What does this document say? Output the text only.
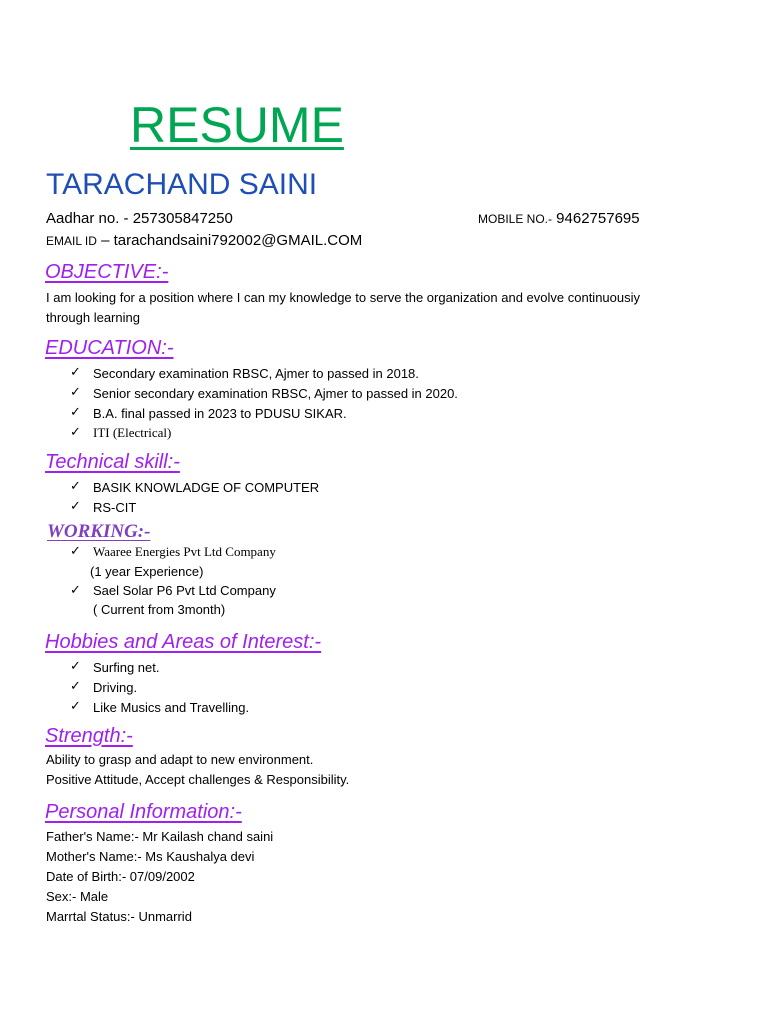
RESUME
TARACHAND SAINI
Aadhar no. - 257305847250	MOBILE NO.- 9462757695
EMAIL ID – tarachandsaini792002@GMAIL.COM
OBJECTIVE:-
I am looking for a position where I can my knowledge to serve the organization and evolve continuousiy
through learning
EDUCATION:-
✓ Secondary examination RBSC, Ajmer to passed in 2018.
✓ Senior secondary examination RBSC, Ajmer to passed in 2020.
✓ B.A. final passed in 2023 to PDUSU SIKAR.
✓ ITI (Electrical)
Technical skill:-
✓ BASIK KNOWLADGE OF COMPUTER
✓ RS-CIT
WORKING:-
✓ Waaree Energies Pvt Ltd Company
(1 year Experience)
✓ Sael Solar P6 Pvt Ltd Company
( Current from 3month)
Hobbies and Areas of Interest:-
✓ Surfing net.
✓ Driving.
✓ Like Musics and Travelling.
Strength:-
Ability to grasp and adapt to new environment.
Positive Attitude, Accept challenges & Responsibility.
Personal Information:-
Father's Name:- Mr Kailash chand saini
Mother's Name:- Ms Kaushalya devi
Date of Birth:- 07/09/2002
Sex:- Male
Marrtal Status:- Unmarrid
